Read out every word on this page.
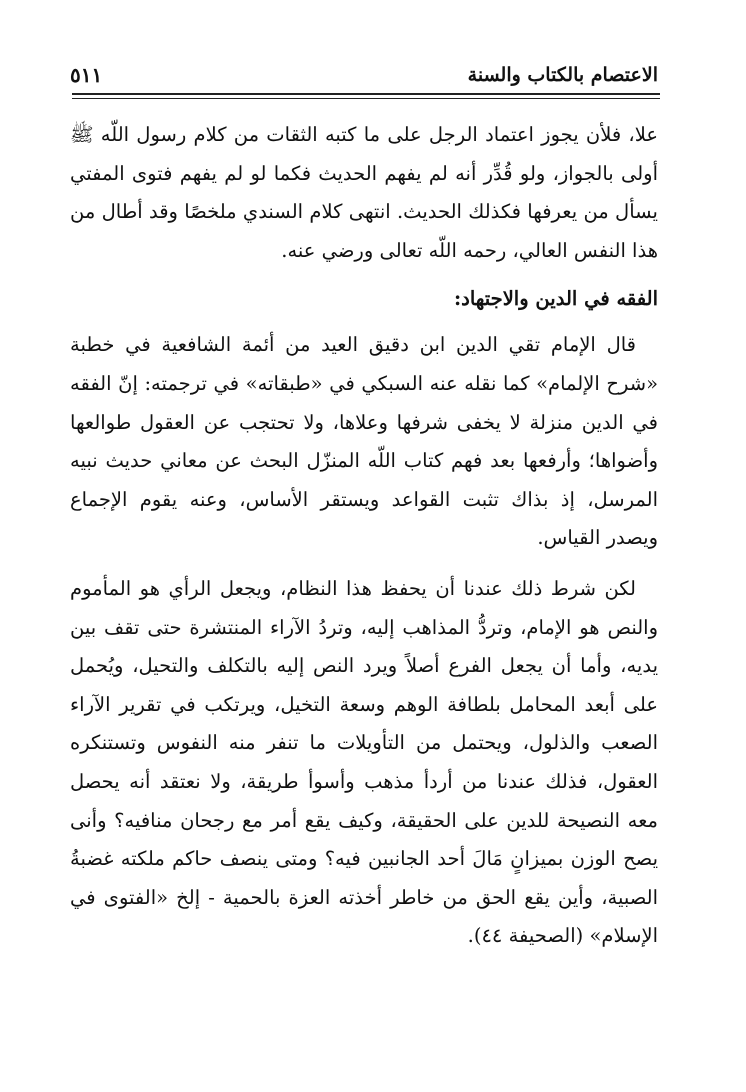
الاعتصام بالكتاب والسنة
٥١١

علا، فلأن يجوز اعتماد الرجل على ما كتبه الثقات من كلام رسول اللّه ﷺ أولى بالجواز، ولو قُدِّر أنه لم يفهم الحديث فكما لو لم يفهم فتوى المفتي يسأل من يعرفها فكذلك الحديث. انتهى كلام السندي ملخصًا وقد أطال من هذا النفس العالي، رحمه اللّه تعالى ورضي عنه.

الفقه في الدين والاجتهاد:

قال الإمام تقي الدين ابن دقيق العيد من أئمة الشافعية في خطبة «شرح الإلمام» كما نقله عنه السبكي في «طبقاته» في ترجمته: إنّ الفقه في الدين منزلة لا يخفى شرفها وعلاها، ولا تحتجب عن العقول طوالعها وأضواها؛ وأرفعها بعد فهم كتاب اللّه المنزّل البحث عن معاني حديث نبيه المرسل، إذ بذاك تثبت القواعد ويستقر الأساس، وعنه يقوم الإجماع ويصدر القياس.

لكن شرط ذلك عندنا أن يحفظ هذا النظام، ويجعل الرأي هو المأموم والنص هو الإمام، وتردُّ المذاهب إليه، وتردُ الآراء المنتشرة حتى تقف بين يديه، وأما أن يجعل الفرع أصلاً ويرد النص إليه بالتكلف والتحيل، ويُحمل على أبعد المحامل بلطافة الوهم وسعة التخيل، ويرتكب في تقرير الآراء الصعب والذلول، ويحتمل من التأويلات ما تنفر منه النفوس وتستنكره العقول، فذلك عندنا من أردأ مذهب وأسوأ طريقة، ولا نعتقد أنه يحصل معه النصيحة للدين على الحقيقة، وكيف يقع أمر مع رجحان منافيه؟ وأنى يصح الوزن بميزانٍ مَالَ أحد الجانبين فيه؟ ومتى ينصف حاكم ملكته غضبةُ الصبية، وأين يقع الحق من خاطر أخذته العزة بالحمية - إلخ «الفتوى في الإسلام» (الصحيفة ٤٤).
